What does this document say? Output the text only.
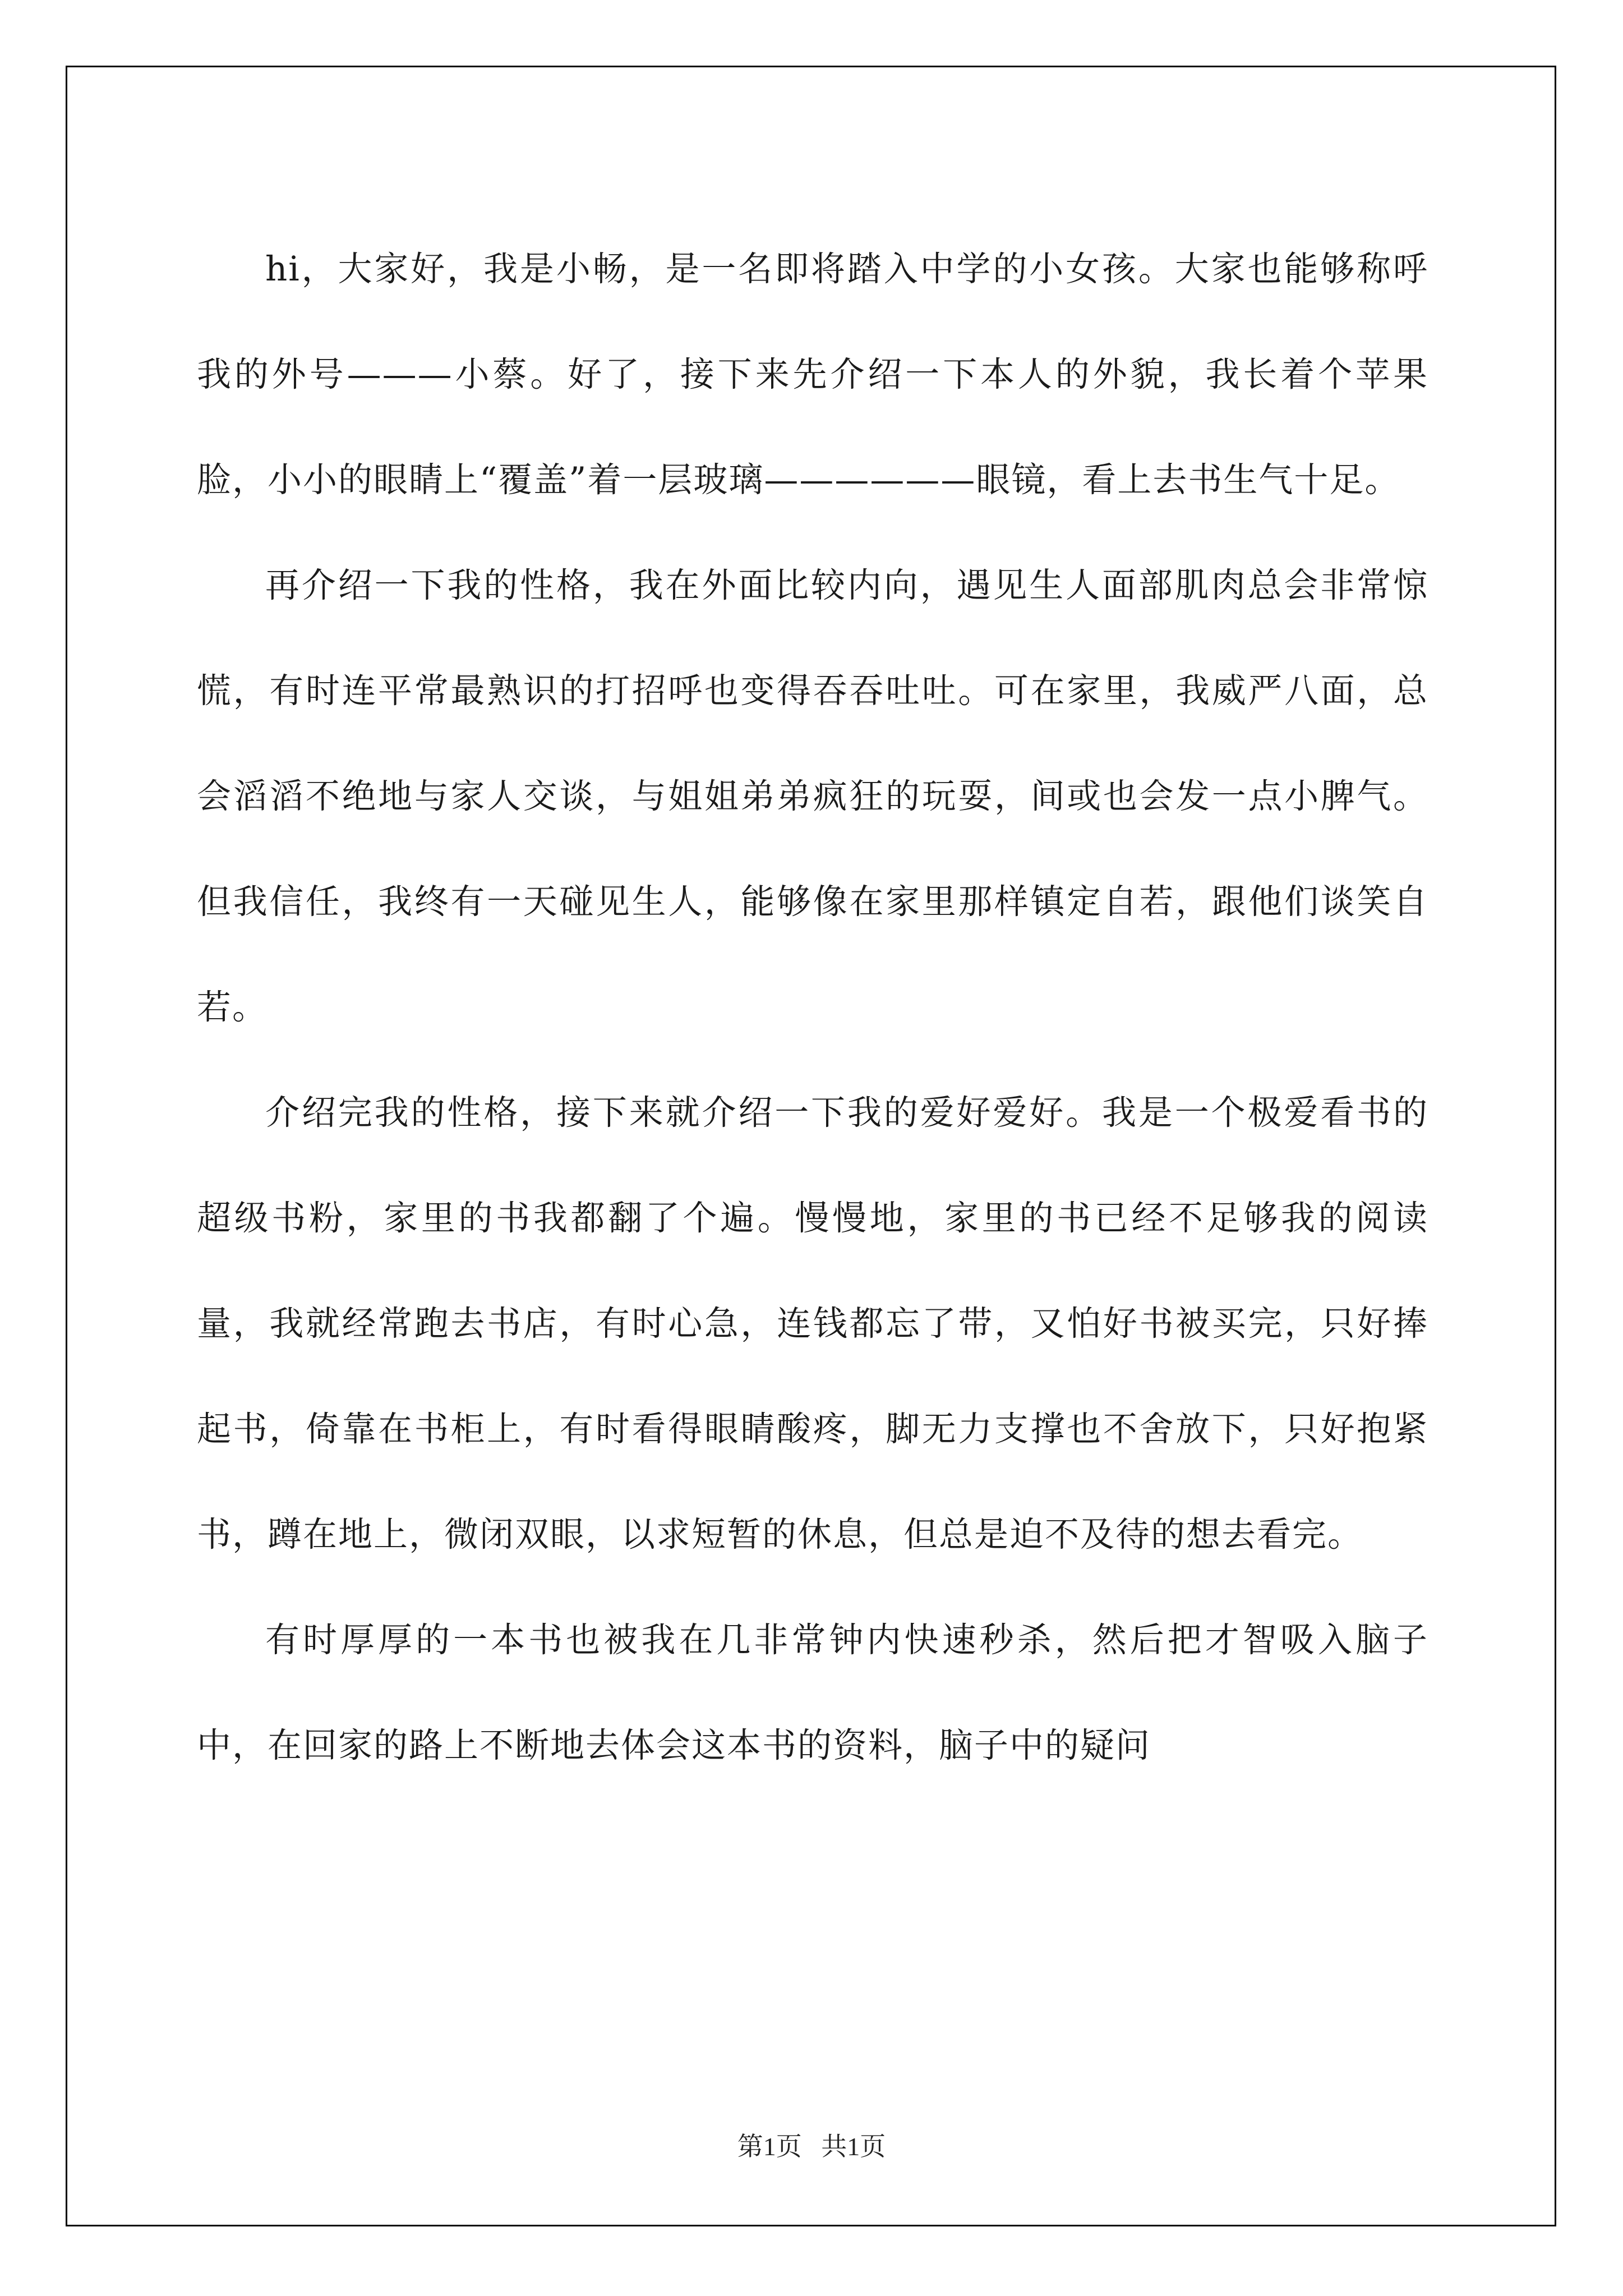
hi，大家好，我是小畅，是一名即将踏入中学的小女孩。大家也能够称呼我的外号———小蔡。好了，接下来先介绍一下本人的外貌，我长着个苹果脸，小小的眼睛上“覆盖”着一层玻璃——————眼镜，看上去书生气十足。

再介绍一下我的性格，我在外面比较内向，遇见生人面部肌肉总会非常惊慌，有时连平常最熟识的打招呼也变得吞吞吐吐。可在家里，我威严八面，总会滔滔不绝地与家人交谈，与姐姐弟弟疯狂的玩耍，间或也会发一点小脾气。但我信任，我终有一天碰见生人，能够像在家里那样镇定自若，跟他们谈笑自若。

介绍完我的性格，接下来就介绍一下我的爱好爱好。我是一个极爱看书的超级书粉，家里的书我都翻了个遍。慢慢地，家里的书已经不足够我的阅读量，我就经常跑去书店，有时心急，连钱都忘了带，又怕好书被买完，只好捧起书，倚靠在书柜上，有时看得眼睛酸疼，脚无力支撑也不舍放下，只好抱紧书，蹲在地上，微闭双眼，以求短暂的休息，但总是迫不及待的想去看完。

有时厚厚的一本书也被我在几非常钟内快速秒杀，然后把才智吸入脑子中，在回家的路上不断地去体会这本书的资料，脑子中的疑问

第1页 共1页
